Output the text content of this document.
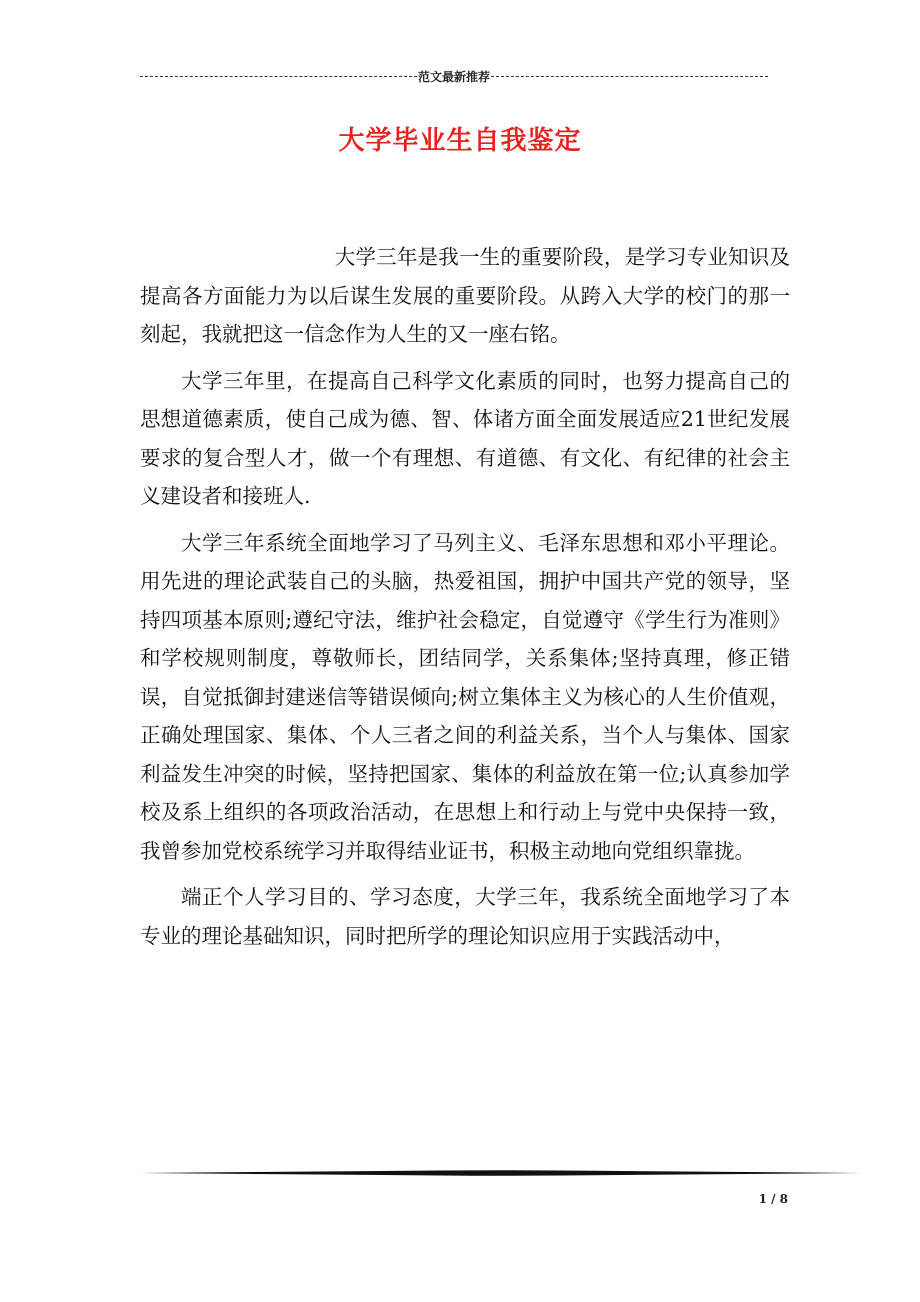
范文最新推荐
大学毕业生自我鉴定

大学三年是我一生的重要阶段，是学习专业知识及提高各方面能力为以后谋生发展的重要阶段。从跨入大学的校门的那一刻起，我就把这一信念作为人生的又一座右铭。

大学三年里，在提高自己科学文化素质的同时，也努力提高自己的思想道德素质，使自己成为德、智、体诸方面全面发展适应21世纪发展要求的复合型人才，做一个有理想、有道德、有文化、有纪律的社会主义建设者和接班人.

大学三年系统全面地学习了马列主义、毛泽东思想和邓小平理论。用先进的理论武装自己的头脑，热爱祖国，拥护中国共产党的领导，坚持四项基本原则;遵纪守法，维护社会稳定，自觉遵守《学生行为准则》和学校规则制度，尊敬师长，团结同学，关系集体;坚持真理，修正错误，自觉抵御封建迷信等错误倾向;树立集体主义为核心的人生价值观，正确处理国家、集体、个人三者之间的利益关系，当个人与集体、国家利益发生冲突的时候，坚持把国家、集体的利益放在第一位;认真参加学校及系上组织的各项政治活动，在思想上和行动上与党中央保持一致，我曾参加党校系统学习并取得结业证书，积极主动地向党组织靠拢。

端正个人学习目的、学习态度，大学三年，我系统全面地学习了本专业的理论基础知识，同时把所学的理论知识应用于实践活动中，

1 / 8
